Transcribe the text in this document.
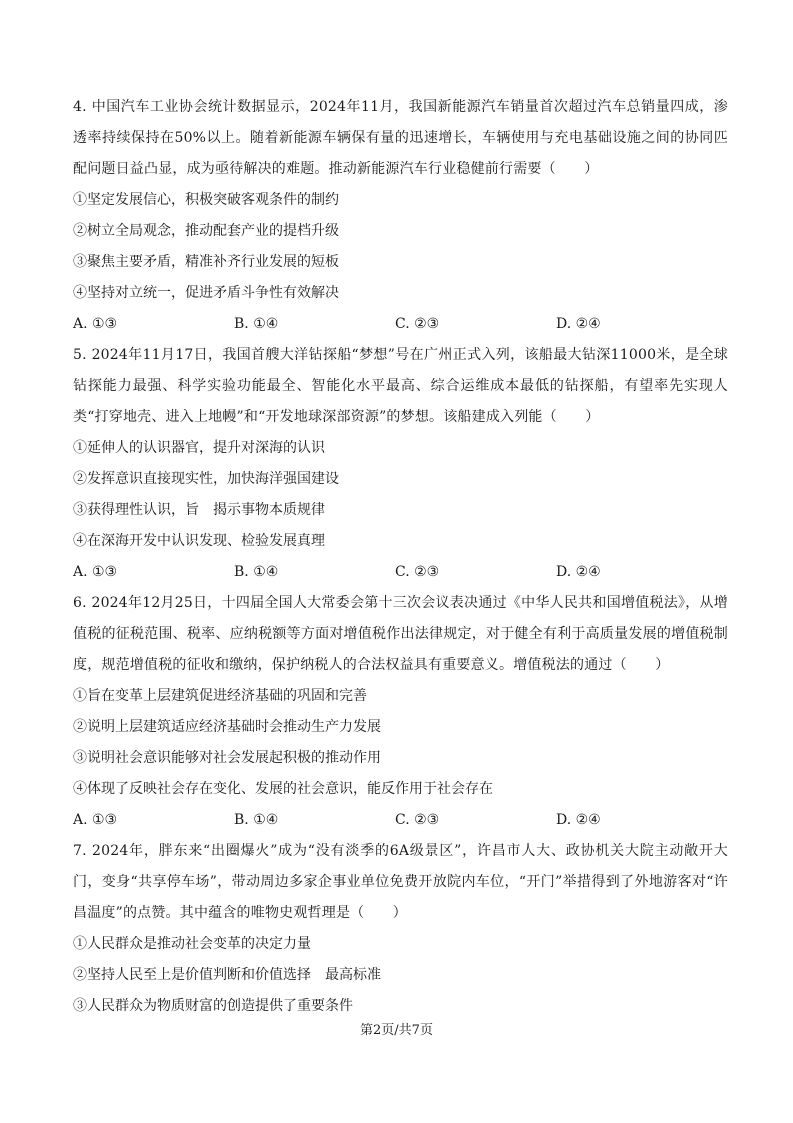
4. 中国汽车工业协会统计数据显示，2024年11月，我国新能源汽车销量首次超过汽车总销量四成，渗透率持续保持在50%以上。随着新能源车辆保有量的迅速增长，车辆使用与充电基础设施之间的协同匹配问题日益凸显，成为亟待解决的难题。推动新能源汽车行业稳健前行需要（　　）

①坚定发展信心，积极突破客观条件的制约

②树立全局观念，推动配套产业的提档升级

③聚焦主要矛盾，精准补齐行业发展的短板

④坚持对立统一，促进矛盾斗争性有效解决

A. ①③	B. ①④	C. ②③	D. ②④

5. 2024年11月17日，我国首艘大洋钻探船“梦想”号在广州正式入列，该船最大钻深11000米，是全球钻探能力最强、科学实验功能最全、智能化水平最高、综合运维成本最低的钻探船，有望率先实现人类“打穿地壳、进入上地幔”和“开发地球深部资源”的梦想。该船建成入列能（　　）

①延伸人的认识器官，提升对深海的认识

②发挥意识直接现实性，加快海洋强国建设

③获得理性认识，旨　揭示事物本质规律

④在深海开发中认识发现、检验发展真理

A. ①③	B. ①④	C. ②③	D. ②④

6. 2024年12月25日，十四届全国人大常委会第十三次会议表决通过《中华人民共和国增值税法》，从增值税的征税范围、税率、应纳税额等方面对增值税作出法律规定，对于健全有利于高质量发展的增值税制度，规范增值税的征收和缴纳，保护纳税人的合法权益具有重要意义。增值税法的通过（　　）

①旨在变革上层建筑促进经济基础的巩固和完善

②说明上层建筑适应经济基础时会推动生产力发展

③说明社会意识能够对社会发展起积极的推动作用

④体现了反映社会存在变化、发展的社会意识，能反作用于社会存在

A. ①③	B. ①④	C. ②③	D. ②④

7. 2024年，胖东来“出圈爆火”成为“没有淡季的6A级景区”，许昌市人大、政协机关大院主动敞开大门，变身“共享停车场”，带动周边多家企事业单位免费开放院内车位，“开门”举措得到了外地游客对“许昌温度”的点赞。其中蕴含的唯物史观哲理是（　　）

①人民群众是推动社会变革的决定力量

②坚持人民至上是价值判断和价值选择　最高标准

③人民群众为物质财富的创造提供了重要条件

第2页/共7页
